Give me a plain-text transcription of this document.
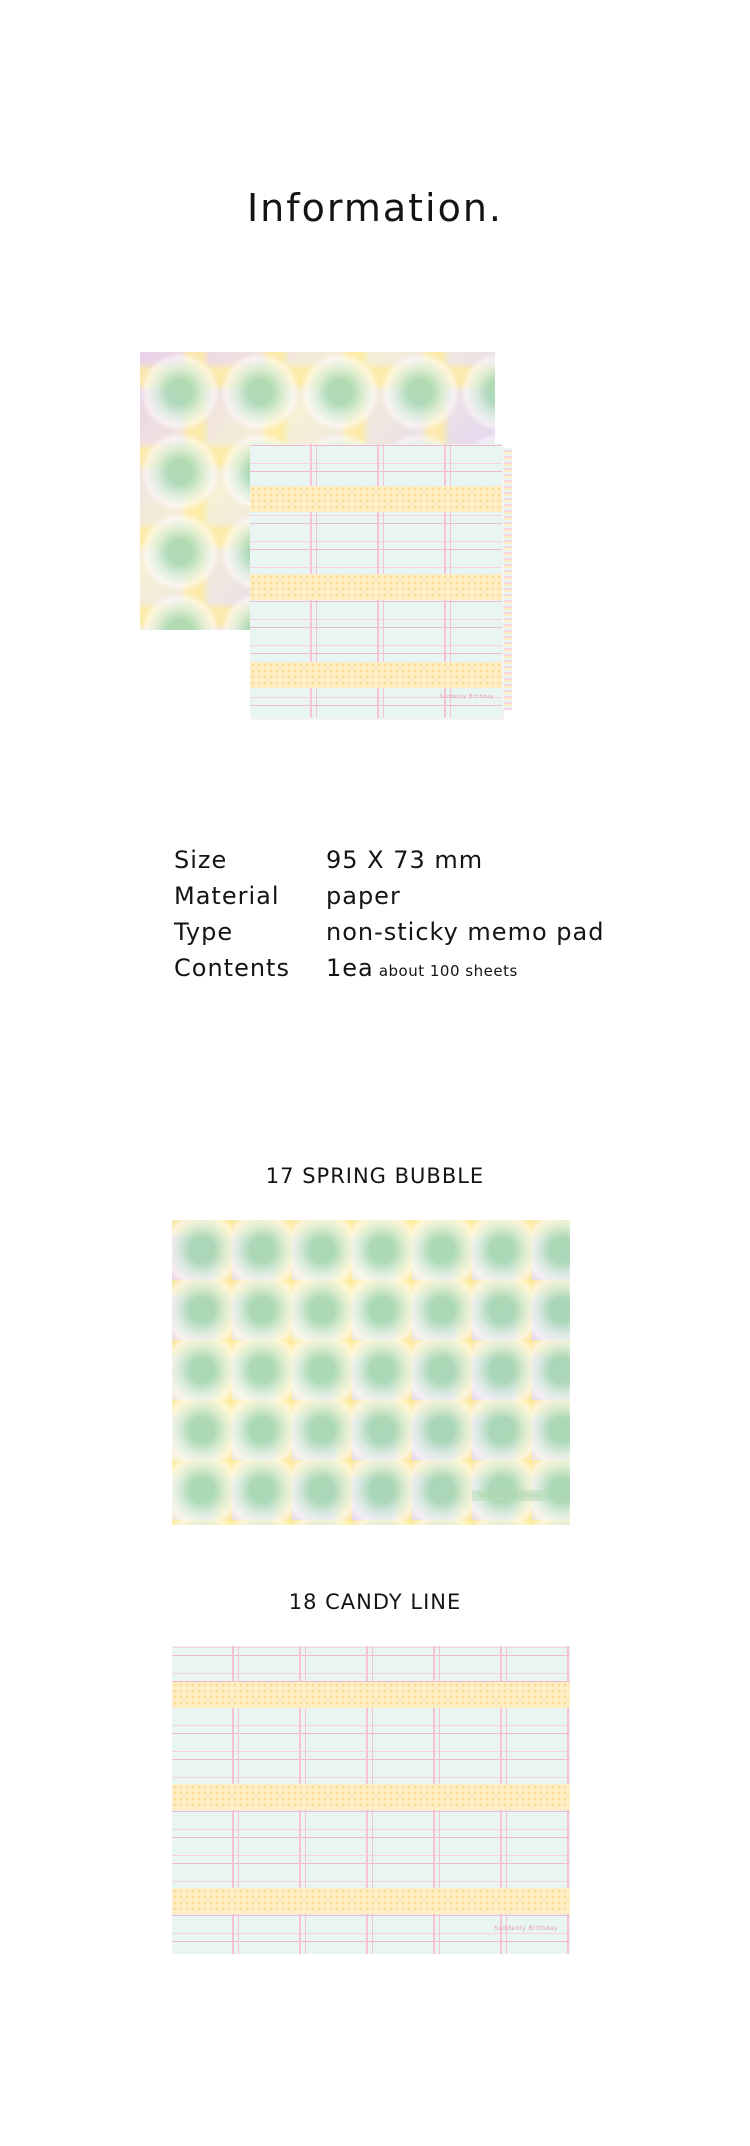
Information.
Suddenly Birthday
Size	95 X 73 mm
Material paper
Type	non-sticky memo pad
Contents 1ea about 100 sheets
17 SPRING BUBBLE
Suddenly Birthday
18 CANDY LINE
Suddenly Birthday
